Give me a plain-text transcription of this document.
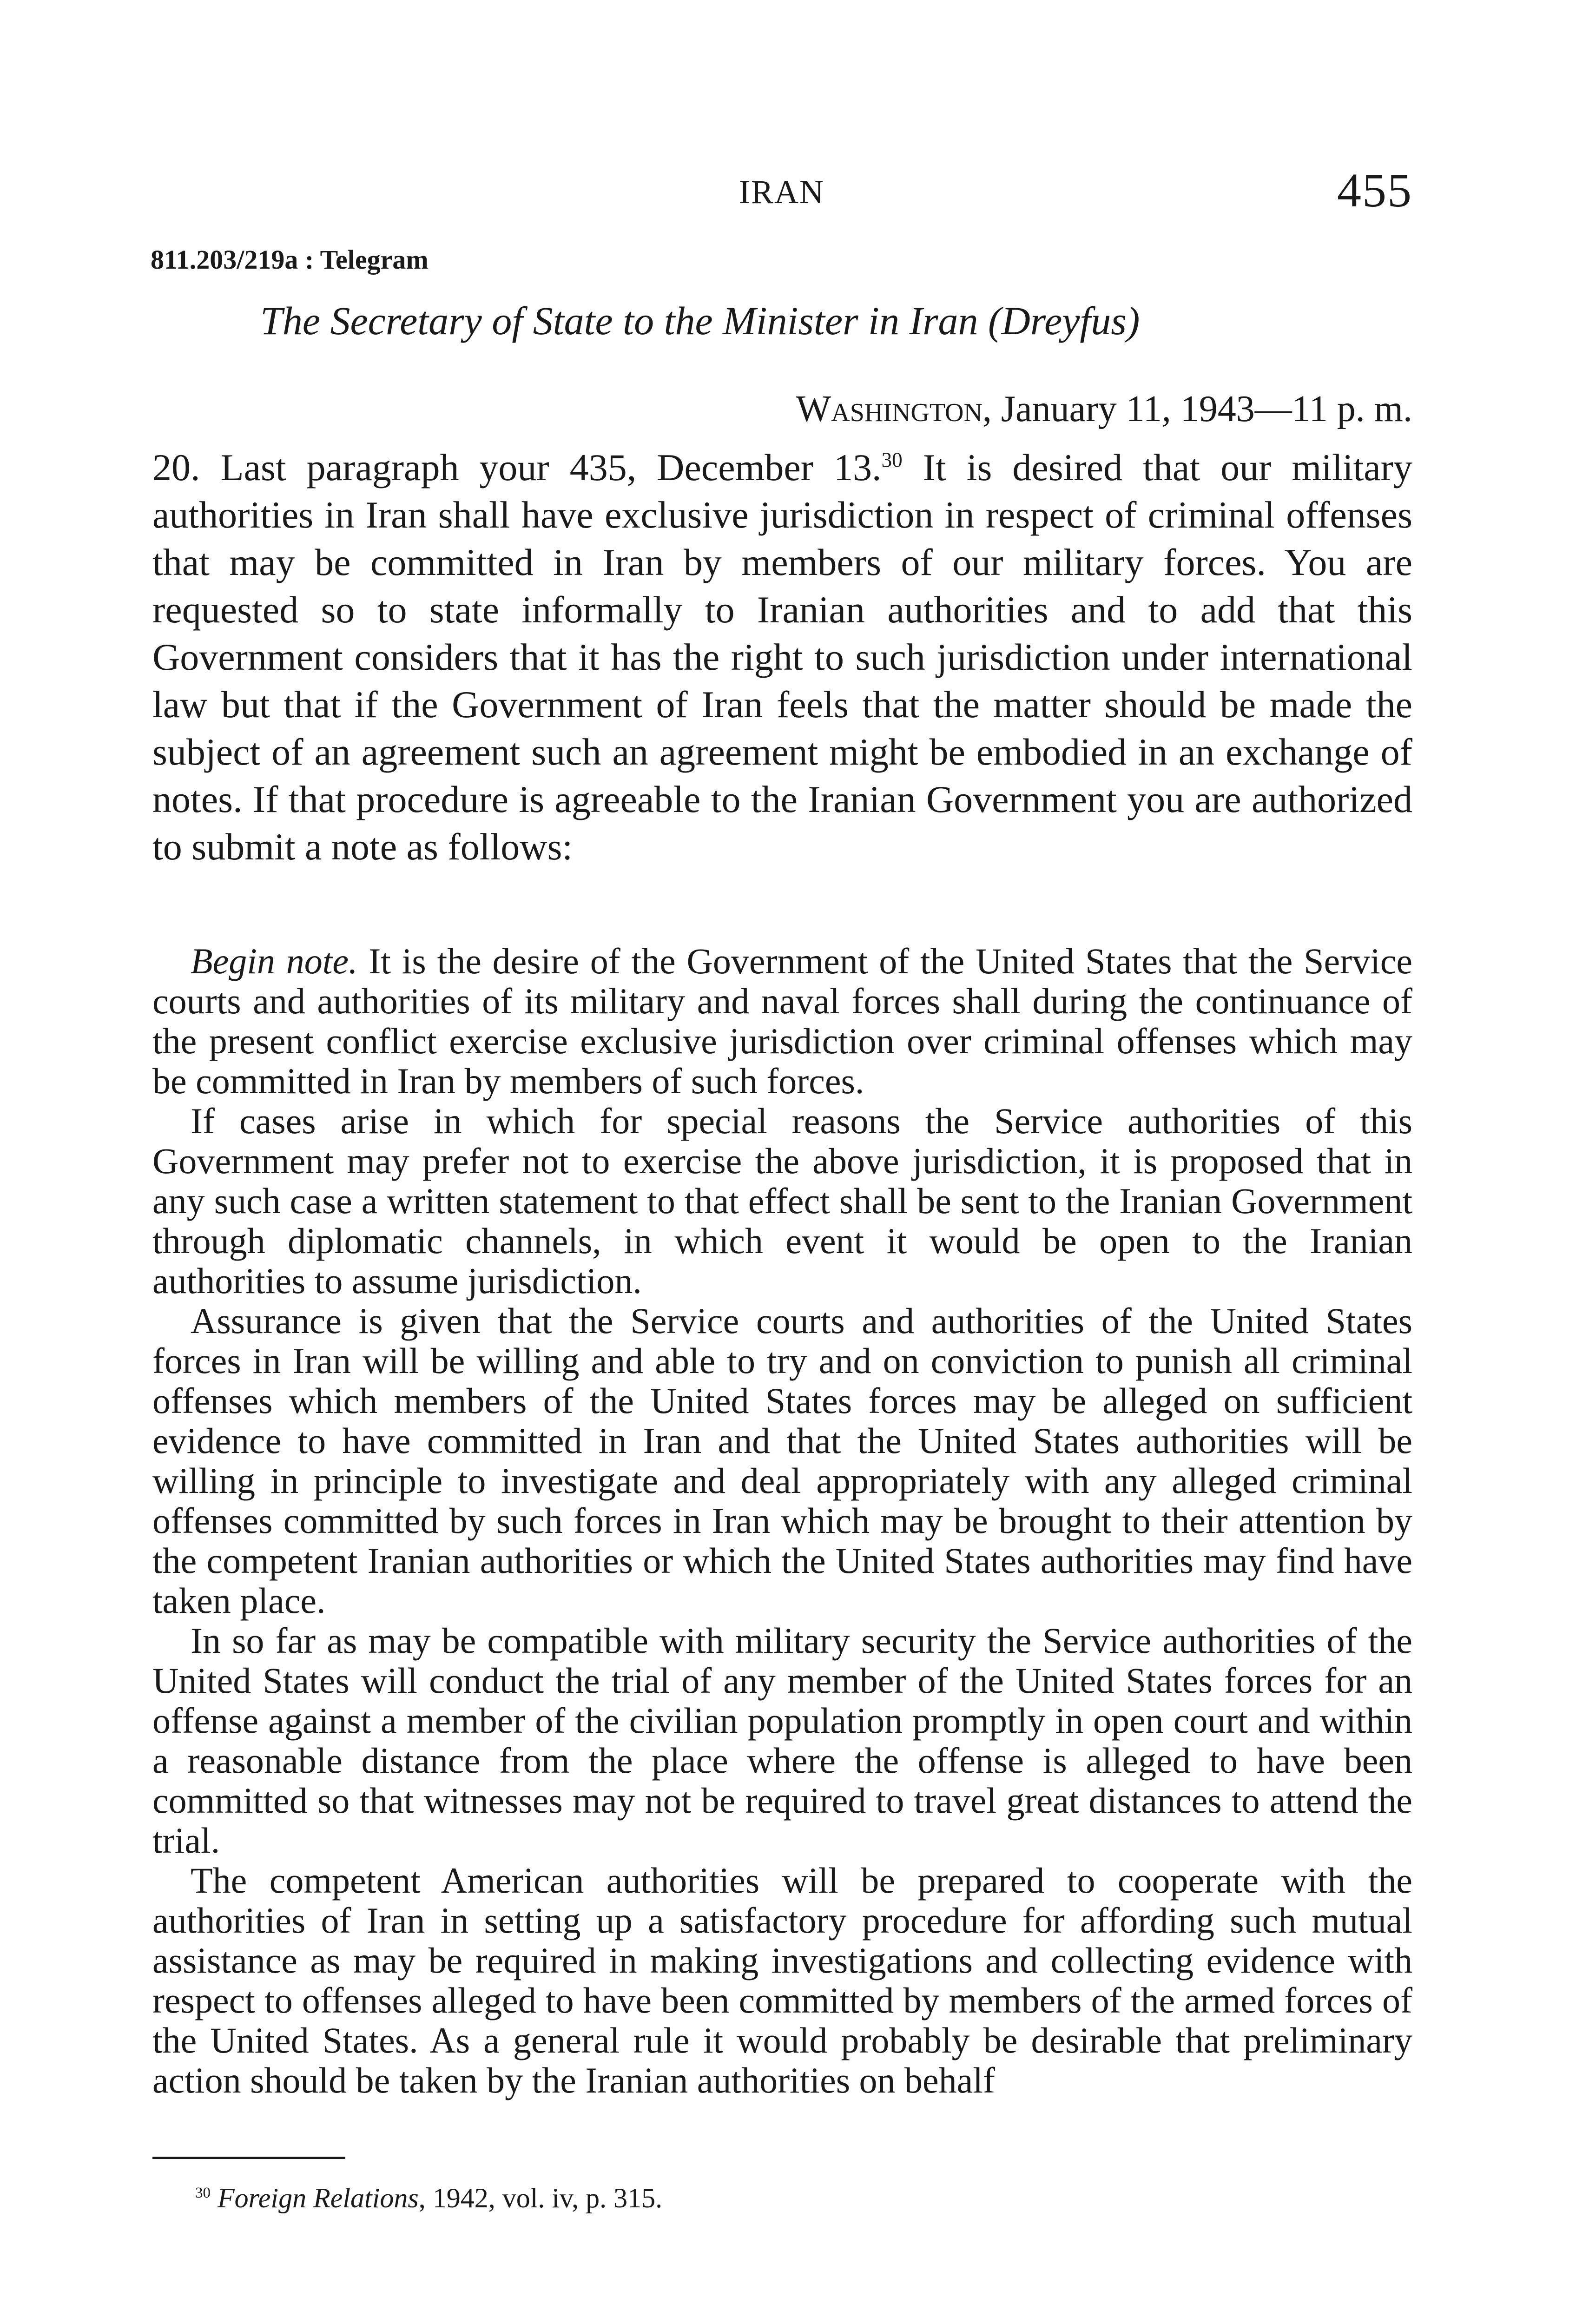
IRAN	455
811.203/219a : Telegram
The Secretary of State to the Minister in Iran (Dreyfus)
Washington, January 11, 1943—11 p. m.

20. Last paragraph your 435, December 13.30 It is desired that our military authorities in Iran shall have exclusive jurisdiction in respect of criminal offenses that may be committed in Iran by members of our military forces. You are requested so to state informally to Iranian authorities and to add that this Government considers that it has the right to such jurisdiction under international law but that if the Government of Iran feels that the matter should be made the subject of an agreement such an agreement might be embodied in an exchange of notes. If that procedure is agreeable to the Iranian Government you are authorized to submit a note as follows:

Begin note. It is the desire of the Government of the United States that the Service courts and authorities of its military and naval forces shall during the continuance of the present conflict exercise exclusive jurisdiction over criminal offenses which may be committed in Iran by members of such forces.

If cases arise in which for special reasons the Service authorities of this Government may prefer not to exercise the above jurisdiction, it is proposed that in any such case a written statement to that effect shall be sent to the Iranian Government through diplomatic channels, in which event it would be open to the Iranian authorities to assume jurisdiction.

Assurance is given that the Service courts and authorities of the United States forces in Iran will be willing and able to try and on conviction to punish all criminal offenses which members of the United States forces may be alleged on sufficient evidence to have committed in Iran and that the United States authorities will be willing in principle to investigate and deal appropriately with any alleged criminal offenses committed by such forces in Iran which may be brought to their attention by the competent Iranian authorities or which the United States authorities may find have taken place.

In so far as may be compatible with military security the Service authorities of the United States will conduct the trial of any member of the United States forces for an offense against a member of the civilian population promptly in open court and within a reasonable distance from the place where the offense is alleged to have been committed so that witnesses may not be required to travel great distances to attend the trial.

The competent American authorities will be prepared to cooperate with the authorities of Iran in setting up a satisfactory procedure for affording such mutual assistance as may be required in making investigations and collecting evidence with respect to offenses alleged to have been committed by members of the armed forces of the United States. As a general rule it would probably be desirable that preliminary action should be taken by the Iranian authorities on behalf

$^{30}$ Foreign Relations, 1942, vol. iv, p. 315.
